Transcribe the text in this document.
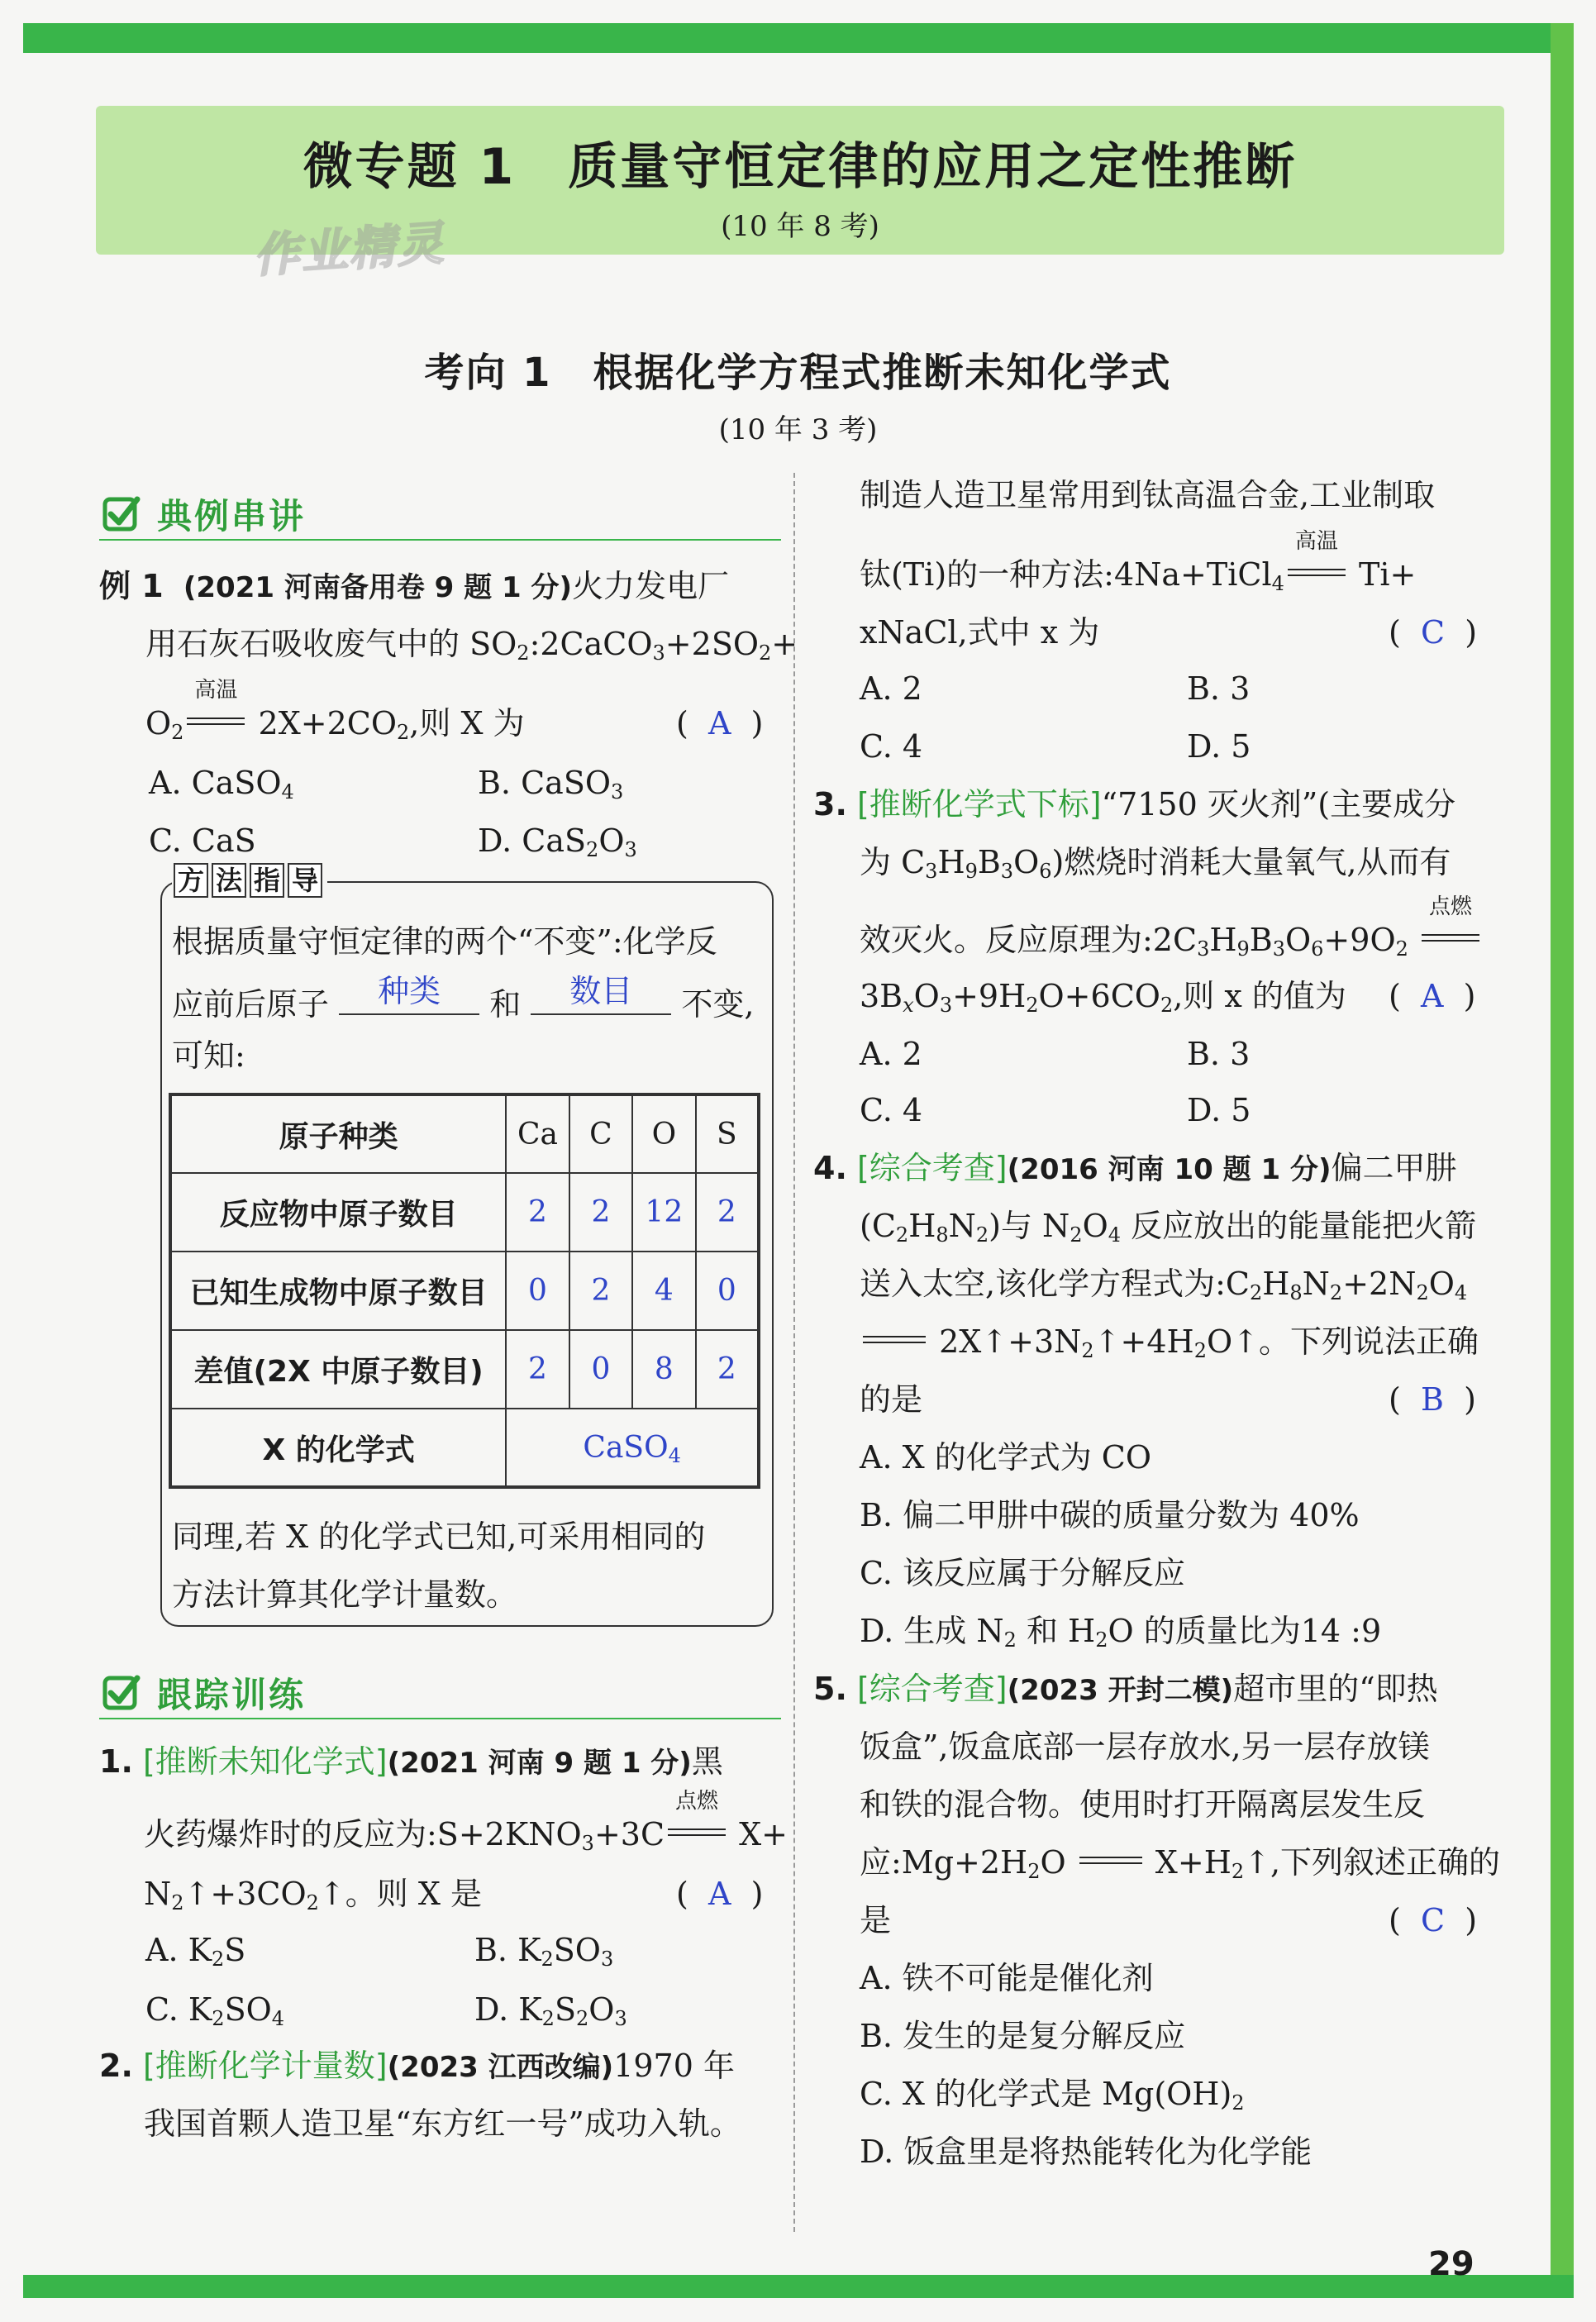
微专题 1　质量守恒定律的应用之定性推断
(10 年 8 考)
作业精灵
考向 1　根据化学方程式推断未知化学式
(10 年 3 考)
典例串讲
例 1 (2021 河南备用卷 9 题 1 分)火力发电厂
用石灰石吸收废气中的 $SO_2:2CaCO_3+2SO_2+$
$O_2$
高温
$2X+2CO_2$,则 X 为	(  A  )
A. CaSO$_4$	B. CaSO$_3$
C. CaS	D. $CaS_2O_3$
方 法 指 导
根据质量守恒定律的两个“不变”:化学反
应前后原子	种类	和	数目	不变,
可知:
原子种类	Ca	C	O	S
反应物中原子数目	2	2	12	2
已知生成物中原子数目	0	2	4	0
差值(2X 中原子数目)	2	0	8	2
X 的化学式	CaSO$_4$
同理,若 X 的化学式已知,可采用相同的
方法计算其化学计量数。
跟踪训练
1. [推断未知化学式](2021 河南 9 题 1 分)黑
火药爆炸时的反应为$:S+2KNO_3+3C$
点燃
X+
$N_2↑+3CO_2↑$。则 X 是	(  A  )
A. $K_2S$	B. $K_2SO_3$
C. $K_2SO_4$	D. $K_2S_2O_3$
2. [推断化学计量数](2023 江西改编)1970 年
我国首颗人造卫星“东方红一号”成功入轨。
制造人造卫星常用到钛高温合金,工业制取
钛(Ti)的一种方法:4Na+TiCl$_4$
高温
Ti+
xNaCl,式中 x 为	(  C  )
A. 2	B. 3
C. 4	D. 5
3. [推断化学式下标]“7150 灭火剂”(主要成分
为 $C_3H_9B_3O_6$)燃烧时消耗大量氧气,从而有
效灭火。反应原理为$:2C_3H_9B_3O_6+9O_2$
点燃
$3B_xO_3+9H_2O+6CO_2$,则 x 的值为 (  A  )
A. 2	B. 3
C. 4	D. 5
4. [综合考查](2016 河南 10 题 1 分)偏二甲肼
$(C_2H_8N_2)$与 $N_2O_4$ 反应放出的能量能把火箭
送入太空,该化学方程式为$:C_2H_8N_2+2N_2O_4$
$2X↑+3N_2↑+4H_2O↑$。下列说法正确
的是	(  B  )
A. X 的化学式为 CO
B. 偏二甲肼中碳的质量分数为 40%
C. 该反应属于分解反应
D. 生成 $N_2$ 和 $H_2O$ 的质量比为14 :9
5. [综合考查](2023 开封二模)超市里的“即热
饭盒”,饭盒底部一层存放水,另一层存放镁
和铁的混合物。使用时打开隔离层发生反
应$:Mg+2H_2O$
$X+H_2↑$,下列叙述正确的
是	(  C  )
A. 铁不可能是催化剂
B. 发生的是复分解反应
C. X 的化学式是 $Mg(OH)_2$
D. 饭盒里是将热能转化为化学能
29
